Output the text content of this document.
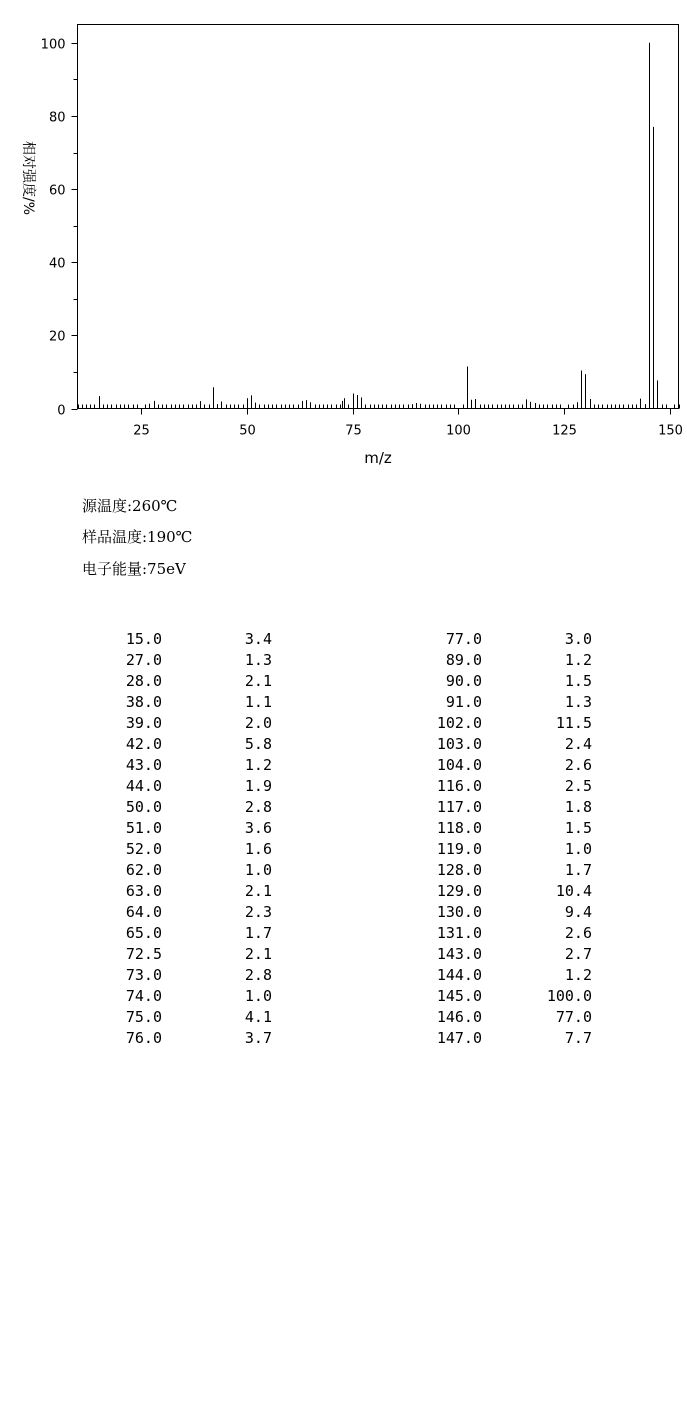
0
20
40
60
80
100
25	50	75	100	125	150
m/z
相对强度/%
源温度:260℃
样品温度:190℃
电子能量:75eV
15.0	3.4
27.0	1.3
28.0	2.1
38.0	1.1
39.0	2.0
42.0	5.8
43.0	1.2
44.0	1.9
50.0	2.8
51.0	3.6
52.0	1.6
62.0	1.0
63.0	2.1
64.0	2.3
65.0	1.7
72.5	2.1
73.0	2.8
74.0	1.0
75.0	4.1
76.0	3.7
77.0	3.0
89.0	1.2
90.0	1.5
91.0	1.3
102.0	11.5
103.0	2.4
104.0	2.6
116.0	2.5
117.0	1.8
118.0	1.5
119.0	1.0
128.0	1.7
129.0	10.4
130.0	9.4
131.0	2.6
143.0	2.7
144.0	1.2
145.0	100.0
146.0	77.0
147.0	7.7
